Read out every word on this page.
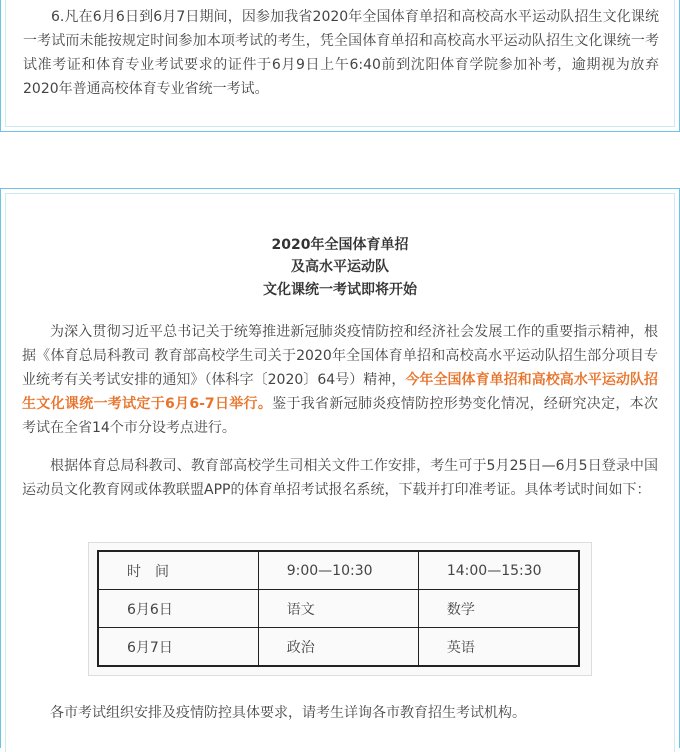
6.凡在6月6日到6月7日期间，因参加我省2020年全国体育单招和高校高水平运动队招生文化课统一考试而未能按规定时间参加本项考试的考生，凭全国体育单招和高校高水平运动队招生文化课统一考试准考证和体育专业考试要求的证件于6月9日上午6:40前到沈阳体育学院参加补考，逾期视为放弃2020年普通高校体育专业省统一考试。

2020年全国体育单招
及高水平运动队
文化课统一考试即将开始

为深入贯彻习近平总书记关于统筹推进新冠肺炎疫情防控和经济社会发展工作的重要指示精神，根据《体育总局科教司 教育部高校学生司关于2020年全国体育单招和高校高水平运动队招生部分项目专业统考有关考试安排的通知》（体科字〔2020〕64号）精神，今年全国体育单招和高校高水平运动队招生文化课统一考试定于6月6-7日举行。鉴于我省新冠肺炎疫情防控形势变化情况，经研究决定，本次考试在全省14个市分设考点进行。

根据体育总局科教司、教育部高校学生司相关文件工作安排，考生可于5月25日—6月5日登录中国运动员文化教育网或体教联盟APP的体育单招考试报名系统，下载并打印准考证。具体考试时间如下：

时　间	9:00—10:30	14:00—15:30
6月6日	语文	数学
6月7日	政治	英语

各市考试组织安排及疫情防控具体要求，请考生详询各市教育招生考试机构。
